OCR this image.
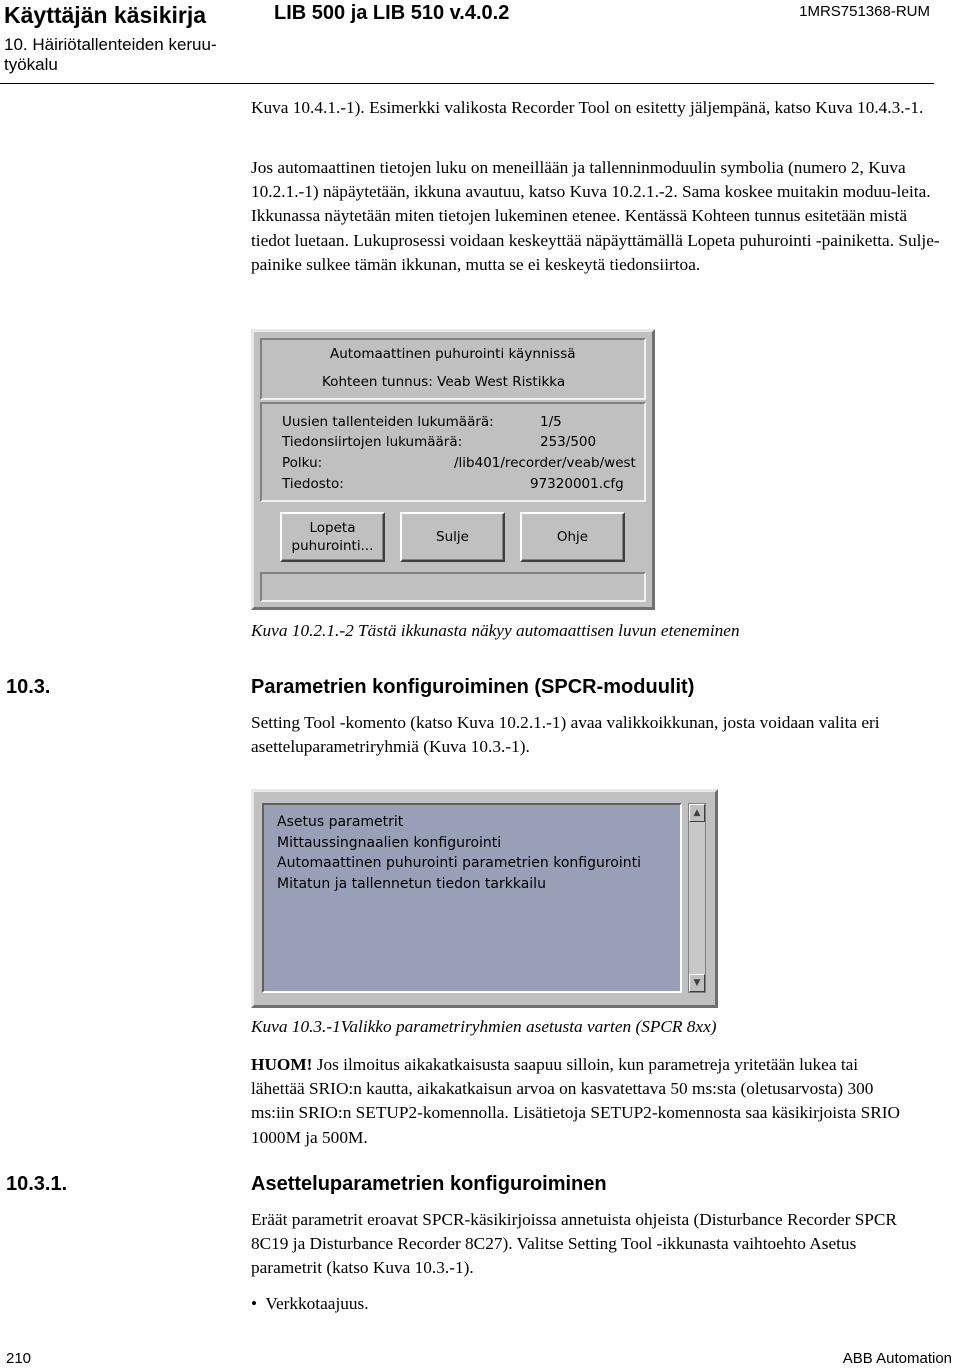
Käyttäjän käsikirja	LIB 500 ja LIB 510 v.4.0.2	1MRS751368-RUM
10. Häiriötallenteiden keruu-työkalu
Kuva 10.4.1.-1). Esimerkki valikosta Recorder Tool on esitetty jäljempänä, katso Kuva 10.4.3.-1.
Jos automaattinen tietojen luku on meneillään ja tallenninmoduulin symbolia (numero 2, Kuva 10.2.1.-1) näpäytetään, ikkuna avautuu, katso Kuva 10.2.1.-2. Sama koskee muitakin moduu-leita. Ikkunassa näytetään miten tietojen lukeminen etenee. Kentässä Kohteen tunnus esitetään mistä tiedot luetaan. Lukuprosessi voidaan keskeyttää näpäyttämällä Lopeta puhurointi -painiketta. Sulje-painike sulkee tämän ikkunan, mutta se ei keskeytä tiedonsiirtoa.
Automaattinen puhurointi käynnissä
Kohteen tunnus: Veab West Ristikka
Uusien tallenteiden lukumäärä:	1/5
Tiedonsiirtojen lukumäärä:	253/500
Polku:	/lib401/recorder/veab/west
Tiedosto:	97320001.cfg
Lopeta
puhurointi...
Sulje	Ohje
Kuva 10.2.1.-2 Tästä ikkunasta näkyy automaattisen luvun eteneminen
10.3.	Parametrien konfiguroiminen (SPCR-moduulit)
Setting Tool -komento (katso Kuva 10.2.1.-1) avaa valikkoikkunan, josta voidaan valita eri asetteluparametriryhmiä (Kuva 10.3.-1).
Asetus parametrit
Mittaussingnaalien konfigurointi
Automaattinen puhurointi parametrien konfigurointi
Mitatun ja tallennetun tiedon tarkkailu
▲
▼
Kuva 10.3.-1Valikko parametriryhmien asetusta varten (SPCR 8xx)
HUOM! Jos ilmoitus aikakatkaisusta saapuu silloin, kun parametreja yritetään lukea tai lähettää SRIO:n kautta, aikakatkaisun arvoa on kasvatettava 50 ms:sta (oletusarvosta) 300 ms:iin SRIO:n SETUP2-komennolla. Lisätietoja SETUP2-komennosta saa käsikirjoista SRIO 1000M ja 500M.
10.3.1.	Asetteluparametrien konfiguroiminen
Eräät parametrit eroavat SPCR-käsikirjoissa annetuista ohjeista (Disturbance Recorder SPCR 8C19 ja Disturbance Recorder 8C27). Valitse Setting Tool -ikkunasta vaihtoehto Asetus parametrit (katso Kuva 10.3.-1).
• Verkkotaajuus.
210	ABB Automation
